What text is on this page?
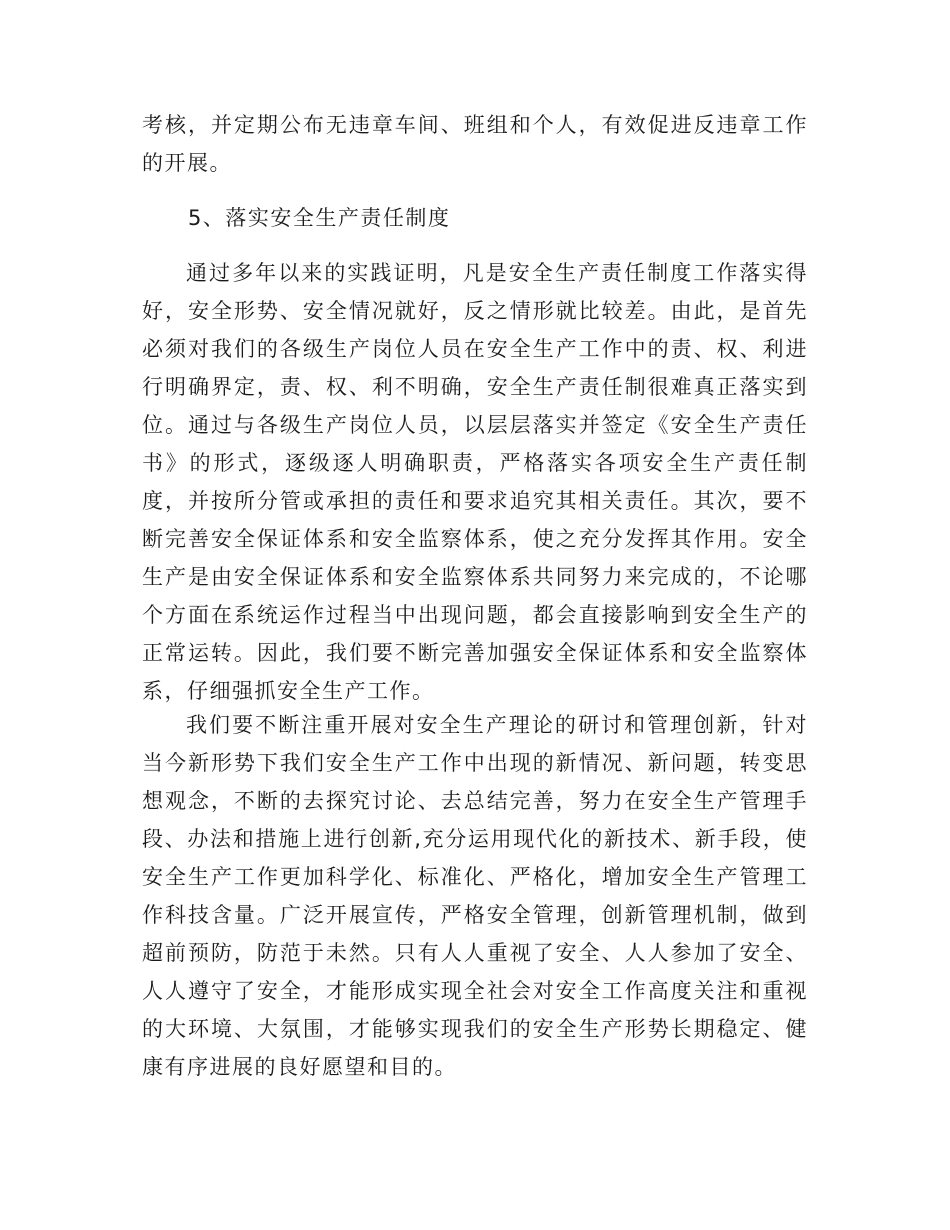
考核，并定期公布无违章车间、班组和个人，有效促进反违章工作的开展。

5、落实安全生产责任制度

通过多年以来的实践证明，凡是安全生产责任制度工作落实得好，安全形势、安全情况就好，反之情形就比较差。由此，是首先必须对我们的各级生产岗位人员在安全生产工作中的责、权、利进行明确界定，责、权、利不明确，安全生产责任制很难真正落实到位。通过与各级生产岗位人员，以层层落实并签定《安全生产责任书》的形式，逐级逐人明确职责，严格落实各项安全生产责任制度，并按所分管或承担的责任和要求追究其相关责任。其次，要不断完善安全保证体系和安全监察体系，使之充分发挥其作用。安全生产是由安全保证体系和安全监察体系共同努力来完成的，不论哪个方面在系统运作过程当中出现问题，都会直接影响到安全生产的正常运转。因此，我们要不断完善加强安全保证体系和安全监察体系，仔细强抓安全生产工作。

我们要不断注重开展对安全生产理论的研讨和管理创新，针对当今新形势下我们安全生产工作中出现的新情况、新问题，转变思想观念，不断的去探究讨论、去总结完善，努力在安全生产管理手段、办法和措施上进行创新,充分运用现代化的新技术、新手段，使安全生产工作更加科学化、标准化、严格化，增加安全生产管理工作科技含量。广泛开展宣传，严格安全管理，创新管理机制，做到超前预防，防范于未然。只有人人重视了安全、人人参加了安全、人人遵守了安全，才能形成实现全社会对安全工作高度关注和重视的大环境、大氛围，才能够实现我们的安全生产形势长期稳定、健康有序进展的良好愿望和目的。
